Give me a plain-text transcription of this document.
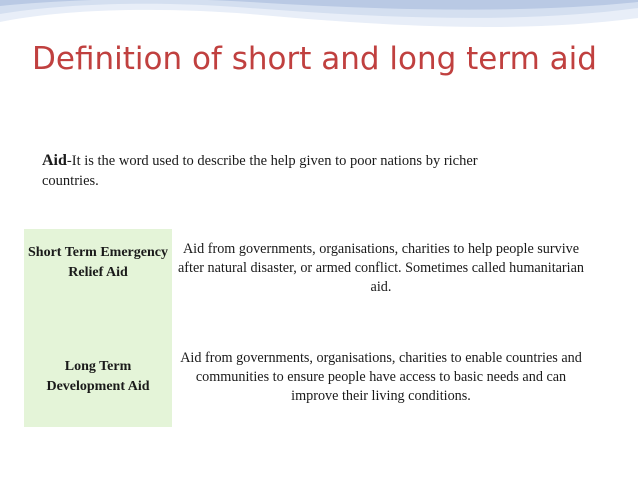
Definition of short and long term aid
Aid-It is the word used to describe the help given to poor nations by richer countries.
Short Term Emergency Relief Aid
Aid from governments, organisations, charities to help people survive after natural disaster, or armed conflict. Sometimes called humanitarian aid.
Long Term Development Aid
Aid from governments, organisations, charities to enable countries and communities to ensure people have access to basic needs and can improve their living conditions.
